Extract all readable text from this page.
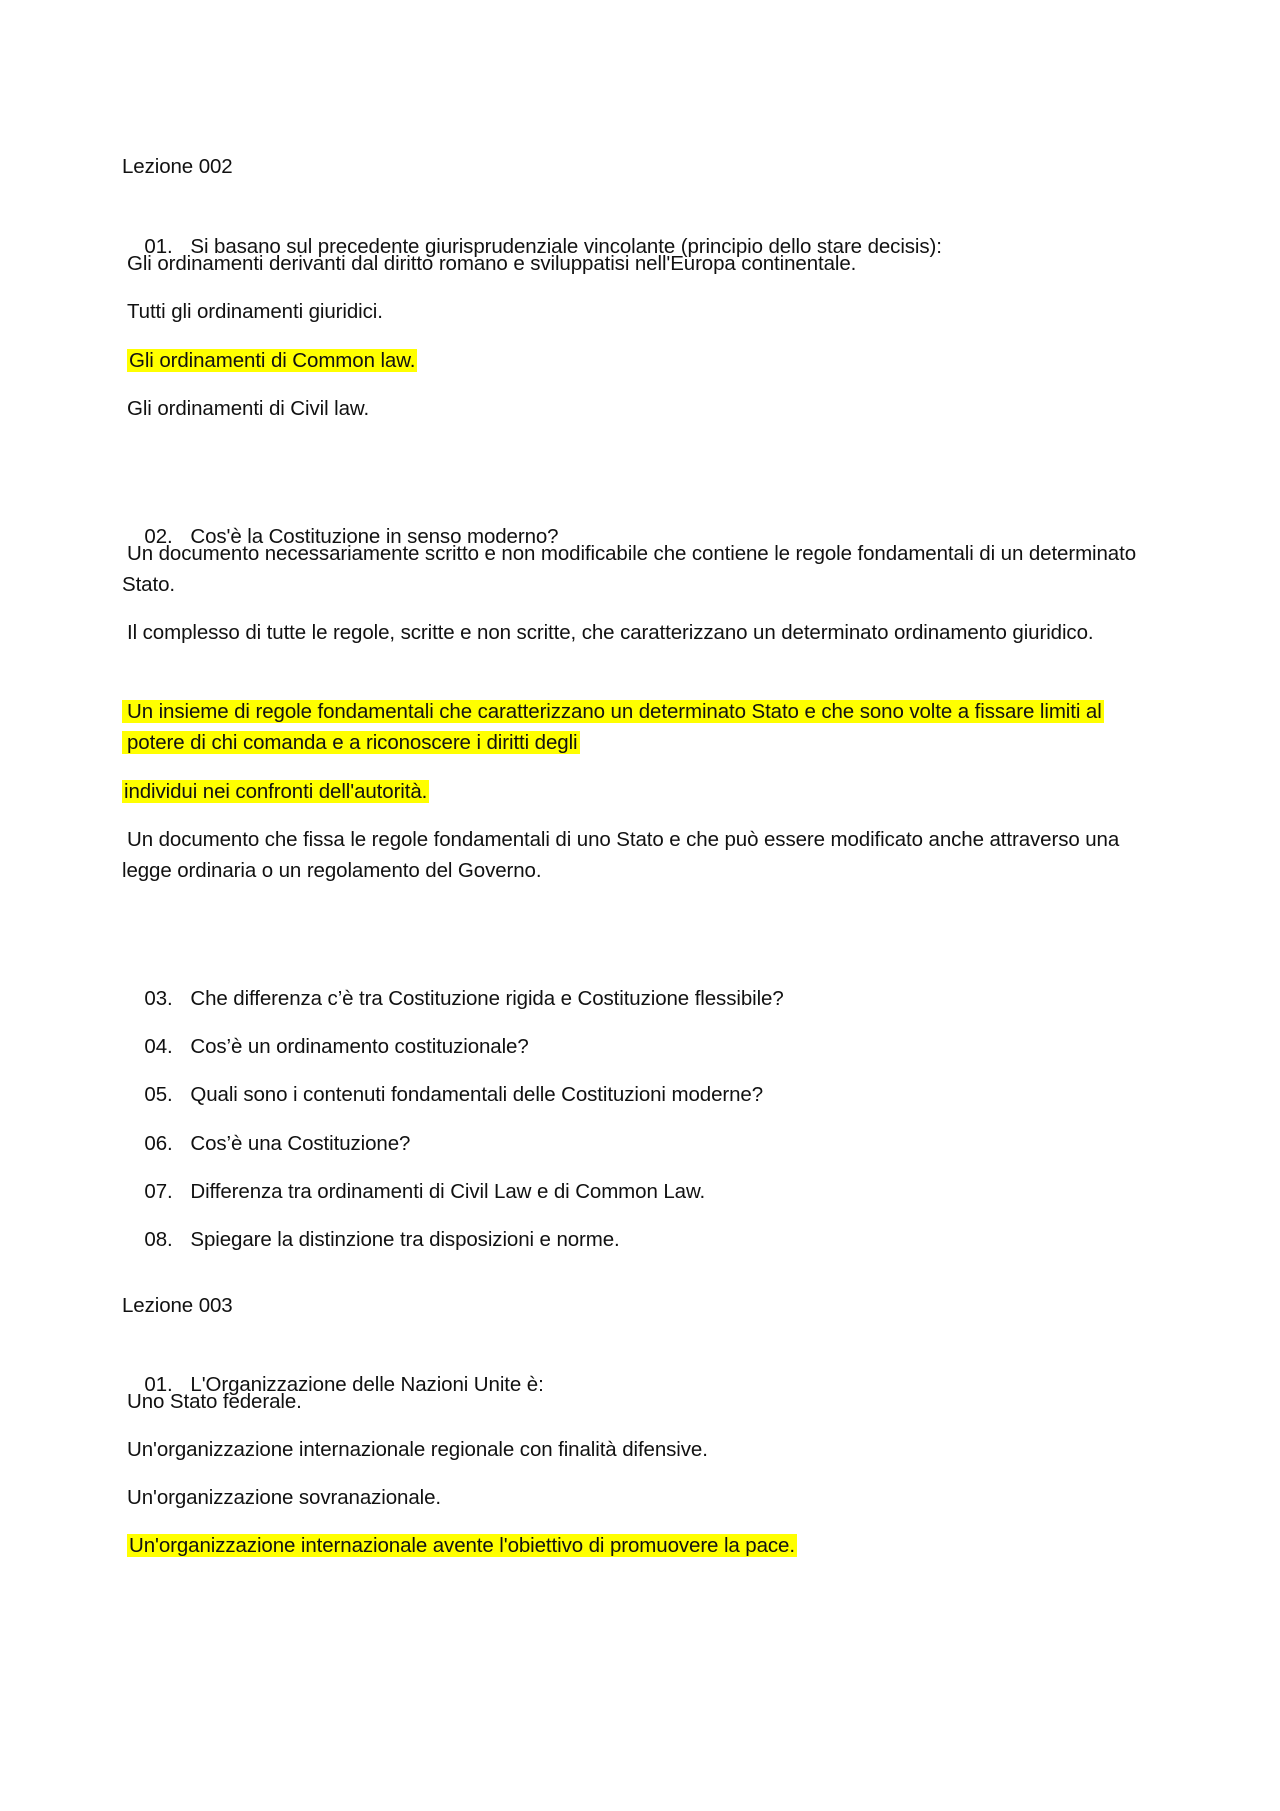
Lezione 002

01. Si basano sul precedente giurisprudenziale vincolante (principio dello stare decisis):

Gli ordinamenti derivanti dal diritto romano e sviluppatisi nell'Europa continentale.
Tutti gli ordinamenti giuridici.
Gli ordinamenti di Common law.
Gli ordinamenti di Civil law.

02. Cos'è la Costituzione in senso moderno?

Un documento necessariamente scritto e non modificabile che contiene le regole fondamentali di un determinato Stato.
Il complesso di tutte le regole, scritte e non scritte, che caratterizzano un determinato ordinamento giuridico.
Un insieme di regole fondamentali che caratterizzano un determinato Stato e che sono volte a fissare limiti al potere di chi comanda e a riconoscere i diritti degli
individui nei confronti dell'autorità.
Un documento che fissa le regole fondamentali di uno Stato e che può essere modificato anche attraverso una legge ordinaria o un regolamento del Governo.

03. Che differenza c’è tra Costituzione rigida e Costituzione flessibile?

04. Cos’è un ordinamento costituzionale?

05. Quali sono i contenuti fondamentali delle Costituzioni moderne?

06. Cos’è una Costituzione?

07. Differenza tra ordinamenti di Civil Law e di Common Law.

08. Spiegare la distinzione tra disposizioni e norme.

Lezione 003

01. L'Organizzazione delle Nazioni Unite è:

Uno Stato federale.
Un'organizzazione internazionale regionale con finalità difensive.
Un'organizzazione sovranazionale.
Un'organizzazione internazionale avente l'obiettivo di promuovere la pace.
